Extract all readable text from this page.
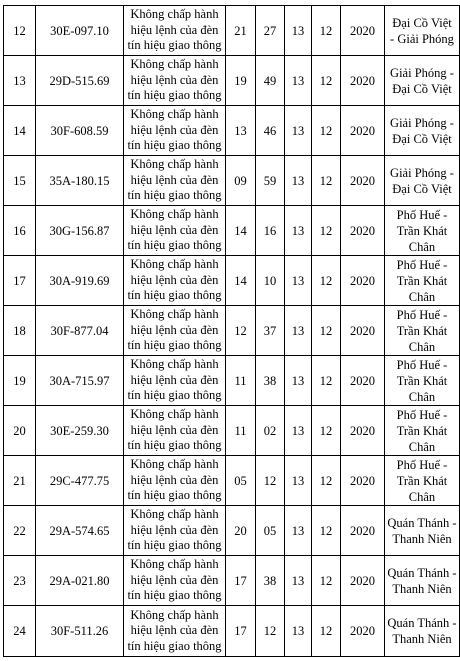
12	30E-097.10	Không chấp hành
hiệu lệnh của đèn
tín hiệu giao thông	21	27	13	12	2020	Đại Cồ Việt
- Giải Phóng

13	29D-515.69	Không chấp hành
hiệu lệnh của đèn
tín hiệu giao thông	19	49	13	12	2020	Giải Phóng -
Đại Cồ Việt

14	30F-608.59	Không chấp hành
hiệu lệnh của đèn
tín hiệu giao thông	13	46	13	12	2020	Giải Phóng -
Đại Cồ Việt

15	35A-180.15	Không chấp hành
hiệu lệnh của đèn
tín hiệu giao thông	09	59	13	12	2020	Giải Phóng -
Đại Cồ Việt

16	30G-156.87	Không chấp hành
hiệu lệnh của đèn
tín hiệu giao thông	14	16	13	12	2020	Phố Huế -
Trần Khát
Chân

17	30A-919.69	Không chấp hành
hiệu lệnh của đèn
tín hiệu giao thông	14	10	13	12	2020	Phố Huế -
Trần Khát
Chân

18	30F-877.04	Không chấp hành
hiệu lệnh của đèn
tín hiệu giao thông	12	37	13	12	2020	Phố Huế -
Trần Khát
Chân

19	30A-715.97	Không chấp hành
hiệu lệnh của đèn
tín hiệu giao thông	11	38	13	12	2020	Phố Huế -
Trần Khát
Chân

20	30E-259.30	Không chấp hành
hiệu lệnh của đèn
tín hiệu giao thông	11	02	13	12	2020	Phố Huế -
Trần Khát
Chân

21	29C-477.75	Không chấp hành
hiệu lệnh của đèn
tín hiệu giao thông	05	12	13	12	2020	Phố Huế -
Trần Khát
Chân

22	29A-574.65	Không chấp hành
hiệu lệnh của đèn
tín hiệu giao thông	20	05	13	12	2020	Quán Thánh -
Thanh Niên

23	29A-021.80	Không chấp hành
hiệu lệnh của đèn
tín hiệu giao thông	17	38	13	12	2020	Quán Thánh -
Thanh Niên

24	30F-511.26	Không chấp hành
hiệu lệnh của đèn
tín hiệu giao thông	17	12	13	12	2020	Quán Thánh -
Thanh Niên
